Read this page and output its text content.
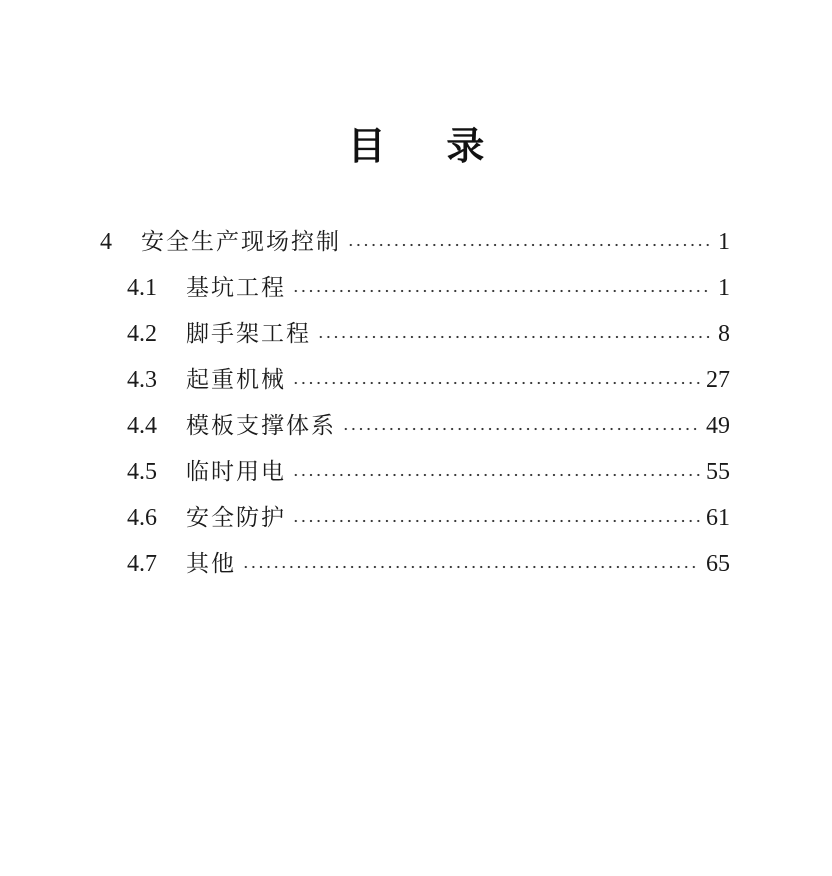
目录
4	安全生产现场控制	1
4.1	基坑工程	1
4.2	脚手架工程	8
4.3	起重机械	27
4.4	模板支撑体系	49
4.5	临时用电	55
4.6	安全防护	61
4.7	其他	65
